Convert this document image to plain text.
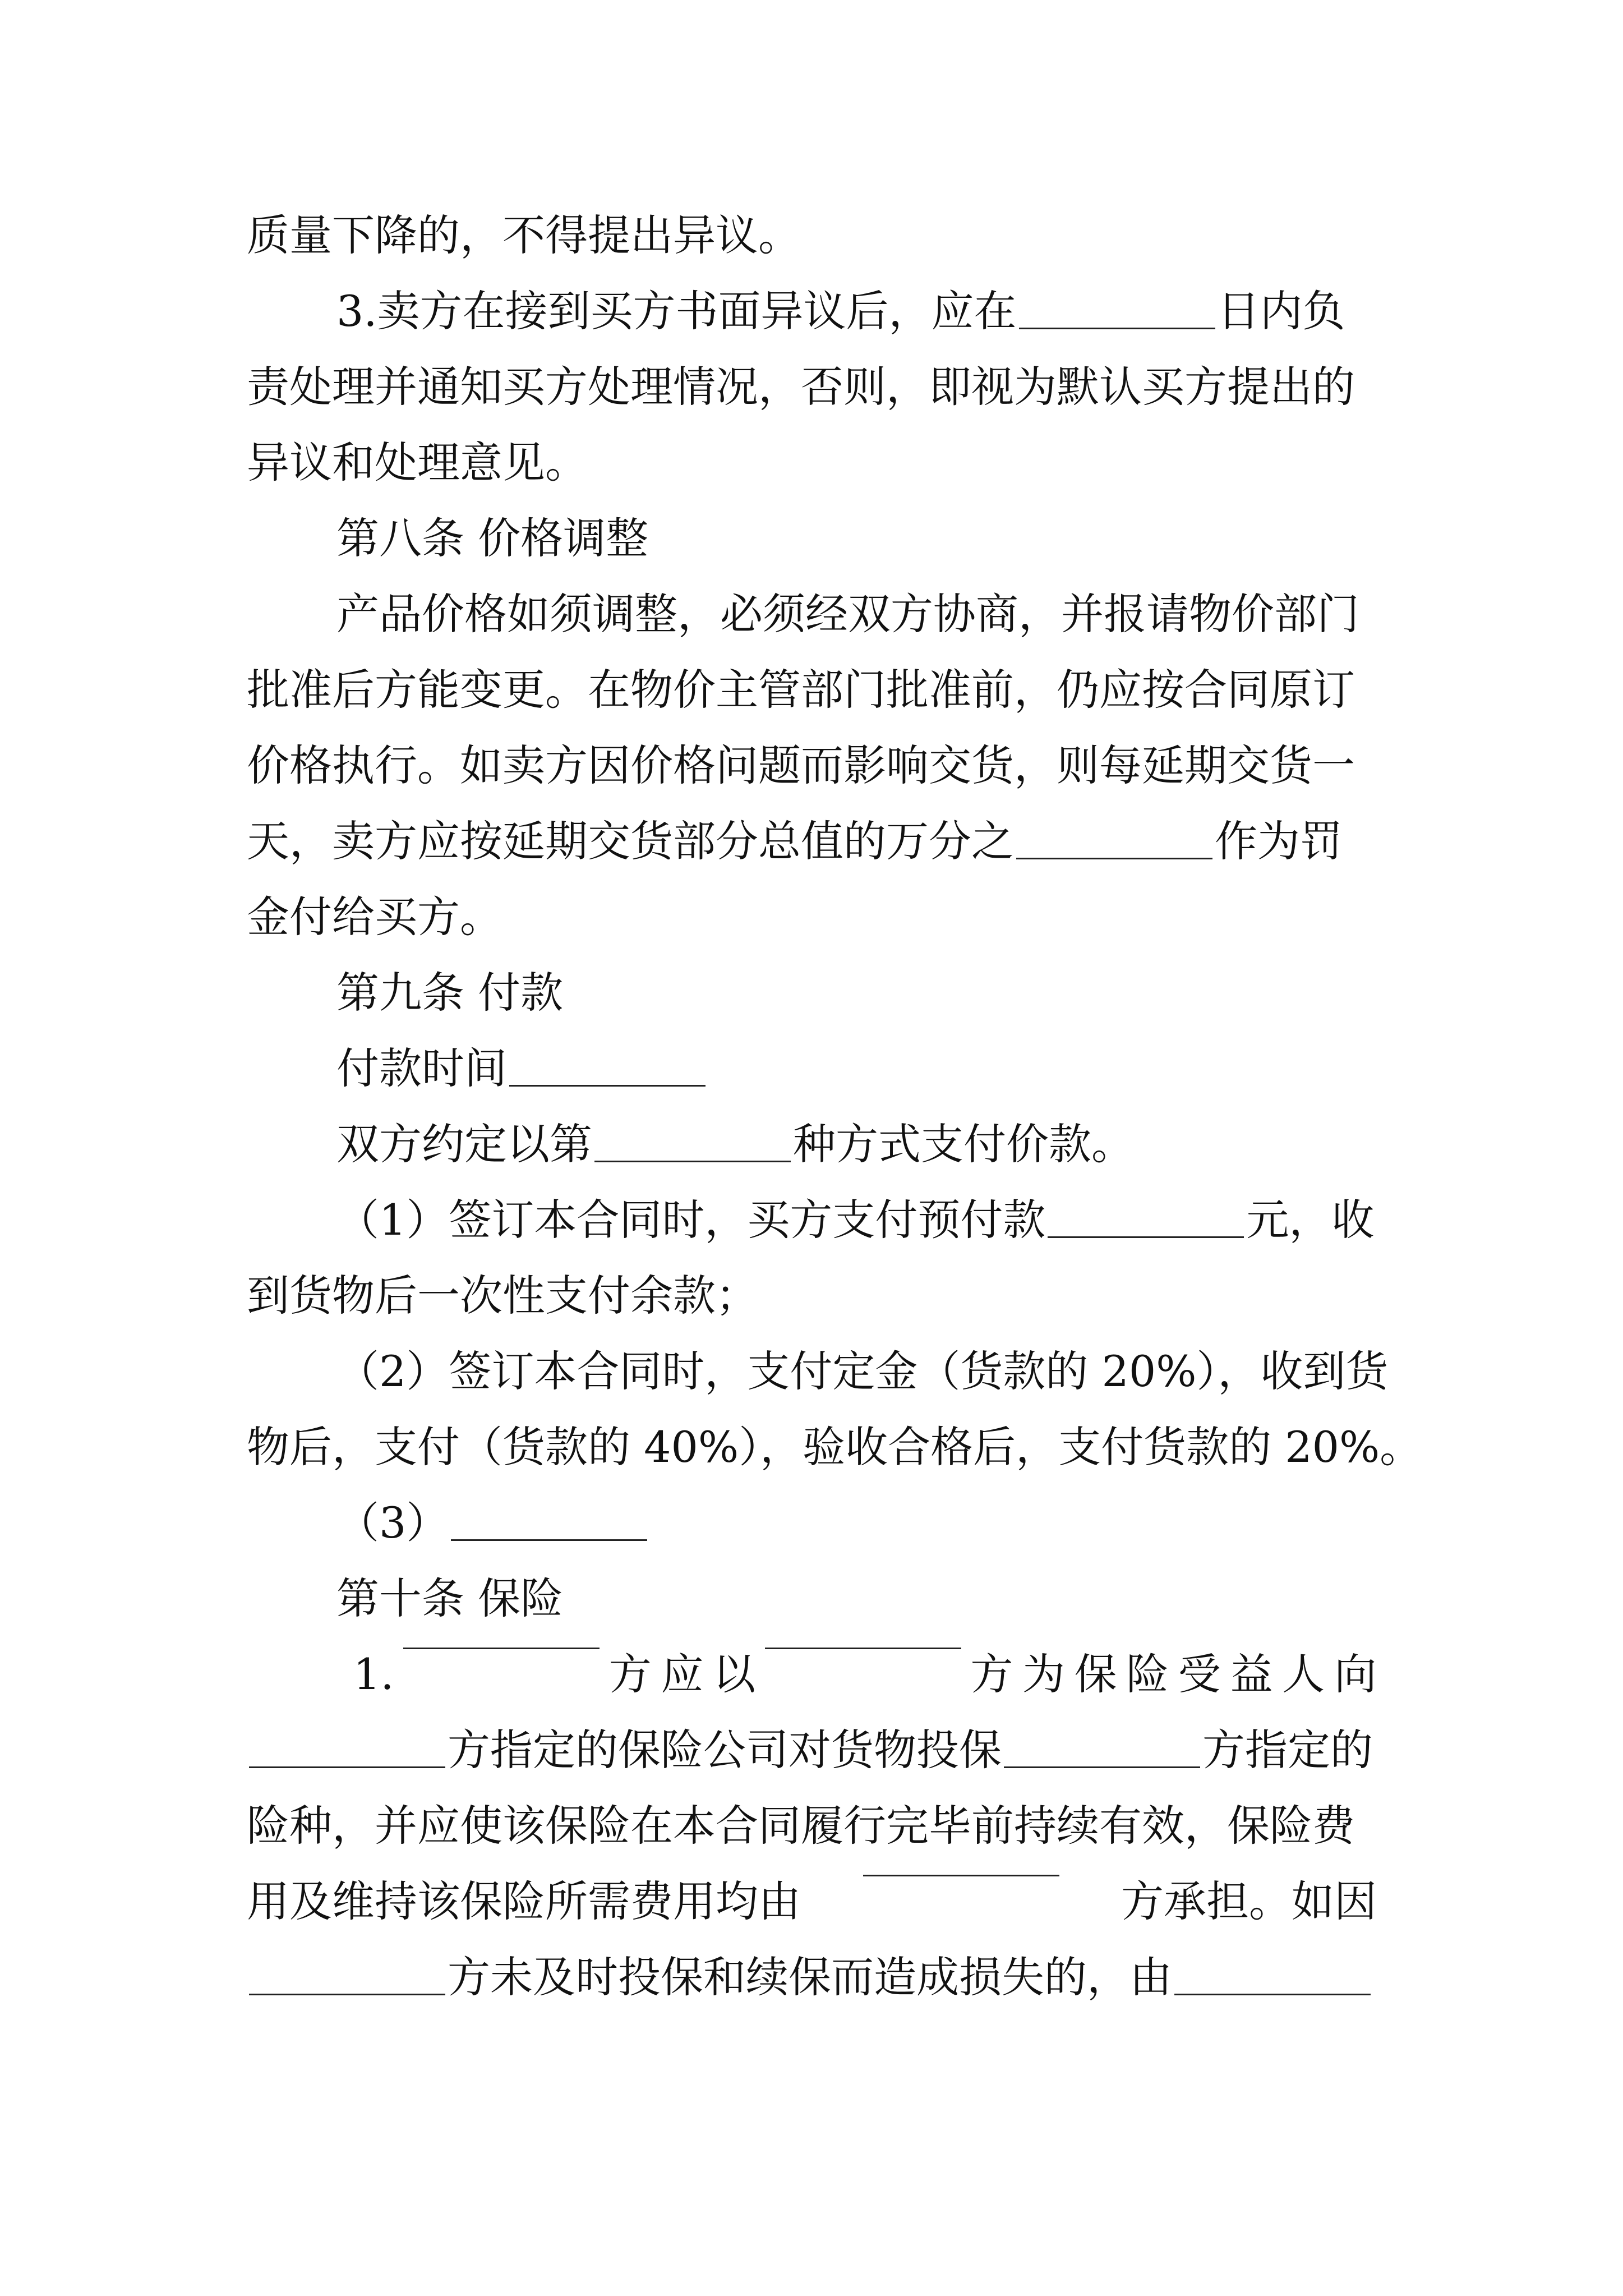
质量下降的，不得提出异议。
3.卖方在接到买方书面异议后，应在	日内负
责处理并通知买方处理情况，否则，即视为默认买方提出的
异议和处理意见。
第八条 价格调整
产品价格如须调整，必须经双方协商，并报请物价部门
批准后方能变更。在物价主管部门批准前，仍应按合同原订
价格执行。如卖方因价格问题而影响交货，则每延期交货一
天，卖方应按延期交货部分总值的万分之	作为罚
金付给买方。
第九条 付款
付款时间
双方约定以第	种方式支付价款。
（1）签订本合同时，买方支付预付款	元，收
到货物后一次性支付余款；
（2）签订本合同时，支付定金（货款的 20%），收到货
物后，支付（货款的 40%），验收合格后，支付货款的 20%。
（3）
第十条 保险
1.	方 应 以	方 为 保 险 受 益 人 向
方指定的保险公司对货物投保	方指定的
险种，并应使该保险在本合同履行完毕前持续有效，保险费
用及维持该保险所需费用均由	方承担。如因
方未及时投保和续保而造成损失的，由
